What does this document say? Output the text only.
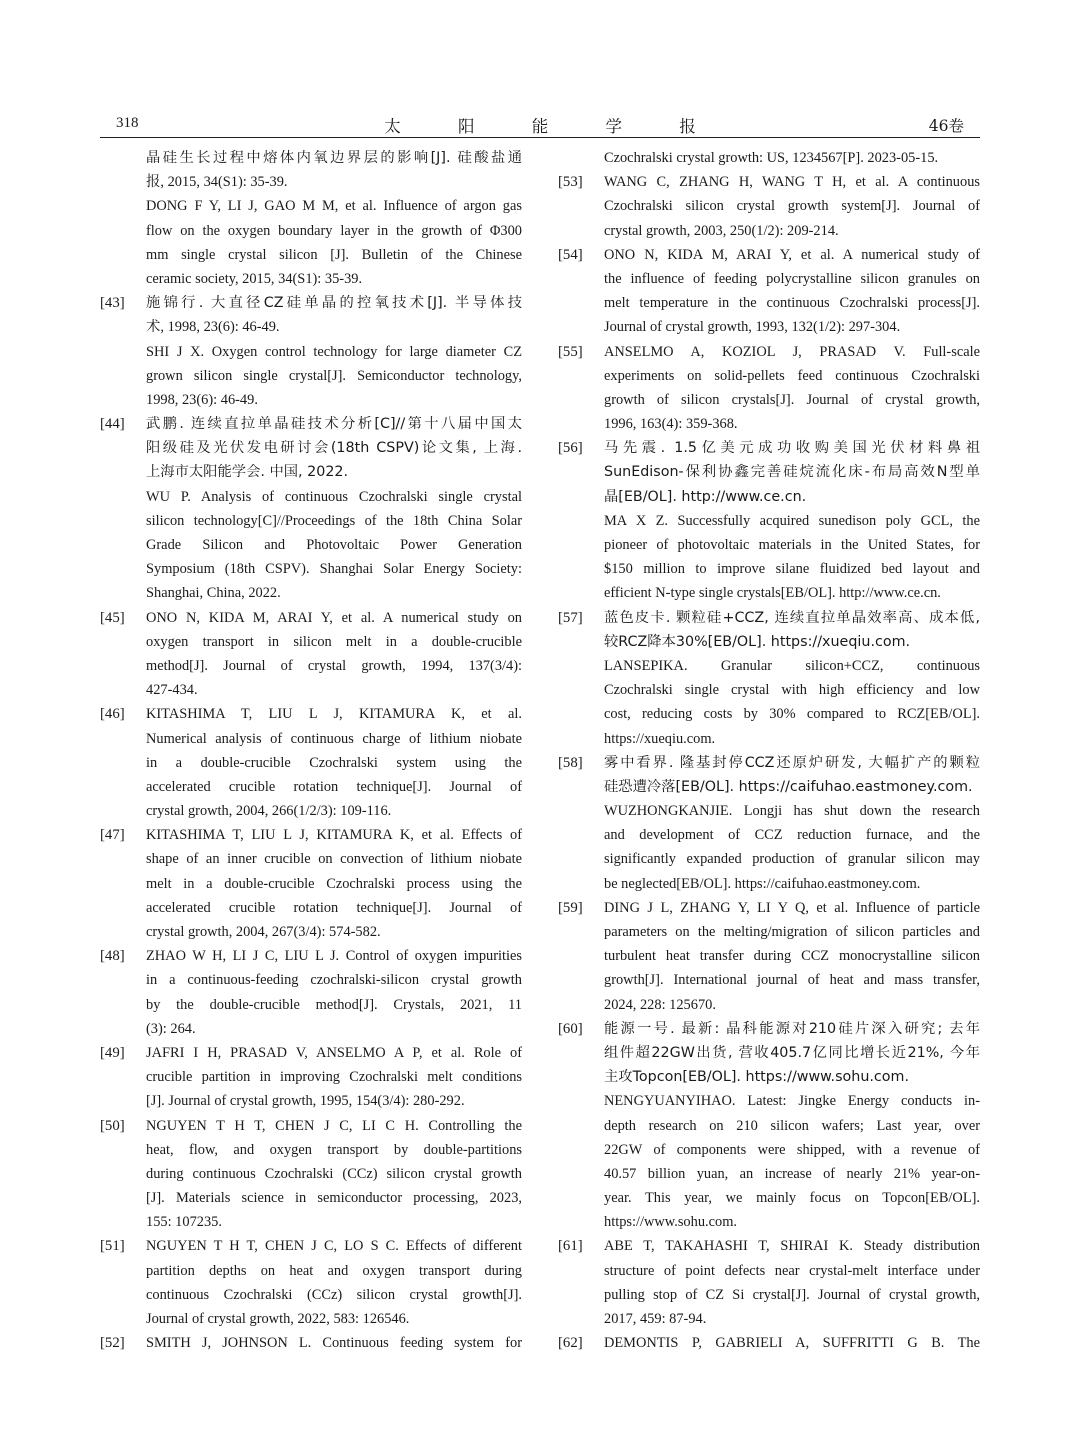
318	太 阳 能 学 报	46卷
晶硅生长过程中熔体内氧边界层的影响[J]. 硅酸盐通
报, 2015, 34(S1): 35-39.
DONG F Y, LI J, GAO M M, et al. Influence of argon gas
flow on the oxygen boundary layer in the growth of Φ300
mm single crystal silicon [J]. Bulletin of the Chinese
ceramic society, 2015, 34(S1): 35-39.
[43] 施锦行. 大直径CZ硅单晶的控氧技术[J]. 半导体技
术, 1998, 23(6): 46-49.
SHI J X. Oxygen control technology for large diameter CZ
grown silicon single crystal[J]. Semiconductor technology,
1998, 23(6): 46-49.
[44] 武鹏. 连续直拉单晶硅技术分析[C]//第十八届中国太
阳级硅及光伏发电研讨会(18th CSPV)论文集, 上海.
上海市太阳能学会. 中国, 2022.
WU P. Analysis of continuous Czochralski single crystal
silicon technology[C]//Proceedings of the 18th China Solar
Grade Silicon and Photovoltaic Power Generation
Symposium (18th CSPV). Shanghai Solar Energy Society:
Shanghai, China, 2022.
[45] ONO N, KIDA M, ARAI Y, et al. A numerical study on
oxygen transport in silicon melt in a double-crucible
method[J]. Journal of crystal growth, 1994, 137(3/4):
427-434.
[46] KITASHIMA T, LIU L J, KITAMURA K, et al.
Numerical analysis of continuous charge of lithium niobate
in a double-crucible Czochralski system using the
accelerated crucible rotation technique[J]. Journal of
crystal growth, 2004, 266(1/2/3): 109-116.
[47] KITASHIMA T, LIU L J, KITAMURA K, et al. Effects of
shape of an inner crucible on convection of lithium niobate
melt in a double-crucible Czochralski process using the
accelerated crucible rotation technique[J]. Journal of
crystal growth, 2004, 267(3/4): 574-582.
[48] ZHAO W H, LI J C, LIU L J. Control of oxygen impurities
in a continuous-feeding czochralski-silicon crystal growth
by the double-crucible method[J]. Crystals, 2021, 11
(3): 264.
[49] JAFRI I H, PRASAD V, ANSELMO A P, et al. Role of
crucible partition in improving Czochralski melt conditions
[J]. Journal of crystal growth, 1995, 154(3/4): 280-292.
[50] NGUYEN T H T, CHEN J C, LI C H. Controlling the
heat, flow, and oxygen transport by double-partitions
during continuous Czochralski (CCz) silicon crystal growth
[J]. Materials science in semiconductor processing, 2023,
155: 107235.
[51] NGUYEN T H T, CHEN J C, LO S C. Effects of different
partition depths on heat and oxygen transport during
continuous Czochralski (CCz) silicon crystal growth[J].
Journal of crystal growth, 2022, 583: 126546.
[52] SMITH J, JOHNSON L. Continuous feeding system for
Czochralski crystal growth: US, 1234567[P]. 2023-05-15.
[53] WANG C, ZHANG H, WANG T H, et al. A continuous
Czochralski silicon crystal growth system[J]. Journal of
crystal growth, 2003, 250(1/2): 209-214.
[54] ONO N, KIDA M, ARAI Y, et al. A numerical study of
the influence of feeding polycrystalline silicon granules on
melt temperature in the continuous Czochralski process[J].
Journal of crystal growth, 1993, 132(1/2): 297-304.
[55] ANSELMO A, KOZIOL J, PRASAD V. Full-scale
experiments on solid-pellets feed continuous Czochralski
growth of silicon crystals[J]. Journal of crystal growth,
1996, 163(4): 359-368.
[56] 马先震. 1.5亿美元成功收购美国光伏材料鼻祖
SunEdison-保利协鑫完善硅烷流化床-布局高效N型单
晶[EB/OL]. http://www.ce.cn.
MA X Z. Successfully acquired sunedison poly GCL, the
pioneer of photovoltaic materials in the United States, for
$150 million to improve silane fluidized bed layout and
efficient N-type single crystals[EB/OL]. http://www.ce.cn.
[57] 蓝色皮卡. 颗粒硅+CCZ, 连续直拉单晶效率高、成本低,
较RCZ降本30%[EB/OL]. https://xueqiu.com.
LANSEPIKA. Granular silicon+CCZ, continuous
Czochralski single crystal with high efficiency and low
cost, reducing costs by 30% compared to RCZ[EB/OL].
https://xueqiu.com.
[58] 雾中看界. 隆基封停CCZ还原炉研发, 大幅扩产的颗粒
硅恐遭冷落[EB/OL]. https://caifuhao.eastmoney.com.
WUZHONGKANJIE. Longji has shut down the research
and development of CCZ reduction furnace, and the
significantly expanded production of granular silicon may
be neglected[EB/OL]. https://caifuhao.eastmoney.com.
[59] DING J L, ZHANG Y, LI Y Q, et al. Influence of particle
parameters on the melting/migration of silicon particles and
turbulent heat transfer during CCZ monocrystalline silicon
growth[J]. International journal of heat and mass transfer,
2024, 228: 125670.
[60] 能源一号. 最新: 晶科能源对210硅片深入研究; 去年
组件超22GW出货, 营收405.7亿同比增长近21%, 今年
主攻Topcon[EB/OL]. https://www.sohu.com.
NENGYUANYIHAO. Latest: Jingke Energy conducts in-
depth research on 210 silicon wafers; Last year, over
22GW of components were shipped, with a revenue of
40.57 billion yuan, an increase of nearly 21% year-on-
year. This year, we mainly focus on Topcon[EB/OL].
https://www.sohu.com.
[61] ABE T, TAKAHASHI T, SHIRAI K. Steady distribution
structure of point defects near crystal-melt interface under
pulling stop of CZ Si crystal[J]. Journal of crystal growth,
2017, 459: 87-94.
[62] DEMONTIS P, GABRIELI A, SUFFRITTI G B. The
